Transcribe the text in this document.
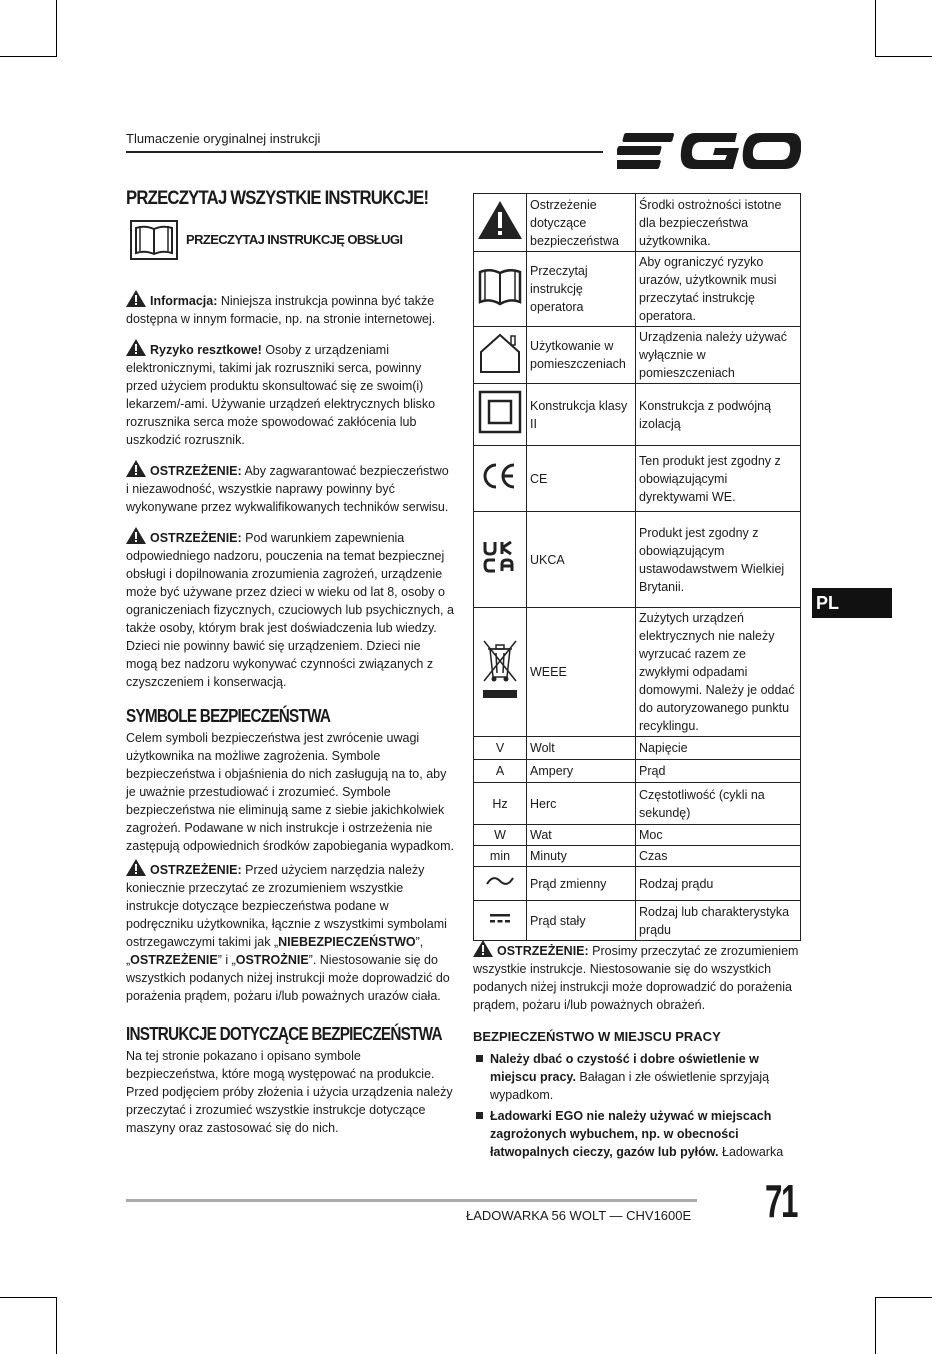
Tlumaczenie oryginalnej instrukcji
PRZECZYTAJ WSZYSTKIE INSTRUKCJE!
PRZECZYTAJ INSTRUKCJĘ OBSŁUGI

Informacja: Niniejsza instrukcja powinna być także dostępna w innym formacie, np. na stronie internetowej.

Ryzyko resztkowe! Osoby z urządzeniami elektronicznymi, takimi jak rozruszniki serca, powinny przed użyciem produktu skonsultować się ze swoim(i) lekarzem/-ami. Używanie urządzeń elektrycznych blisko rozrusznika serca może spowodować zakłócenia lub uszkodzić rozrusznik.

OSTRZEŻENIE: Aby zagwarantować bezpieczeństwo i niezawodność, wszystkie naprawy powinny być wykonywane przez wykwalifikowanych techników serwisu.

OSTRZEŻENIE: Pod warunkiem zapewnienia odpowiedniego nadzoru, pouczenia na temat bezpiecznej obsługi i dopilnowania zrozumienia zagrożeń, urządzenie może być używane przez dzieci w wieku od lat 8, osoby o ograniczeniach fizycznych, czuciowych lub psychicznych, a także osoby, którym brak jest doświadczenia lub wiedzy. Dzieci nie powinny bawić się urządzeniem. Dzieci nie mogą bez nadzoru wykonywać czynności związanych z czyszczeniem i konserwacją.

SYMBOLE BEZPIECZEŃSTWA

Celem symboli bezpieczeństwa jest zwrócenie uwagi użytkownika na możliwe zagrożenia. Symbole bezpieczeństwa i objaśnienia do nich zasługują na to, aby je uważnie przestudiować i zrozumieć. Symbole bezpieczeństwa nie eliminują same z siebie jakichkolwiek zagrożeń. Podawane w nich instrukcje i ostrzeżenia nie zastępują odpowiednich środków zapobiegania wypadkom.

OSTRZEŻENIE: Przed użyciem narzędzia należy koniecznie przeczytać ze zrozumieniem wszystkie instrukcje dotyczące bezpieczeństwa podane w podręczniku użytkownika, łącznie z wszystkimi symbolami ostrzegawczymi takimi jak „NIEBEZPIECZEŃSTWO”, „OSTRZEŻENIE” i „OSTROŻNIE”. Niestosowanie się do wszystkich podanych niżej instrukcji może doprowadzić do porażenia prądem, pożaru i/lub poważnych urazów ciała.

INSTRUKCJE DOTYCZĄCE BEZPIECZEŃSTWA

Na tej stronie pokazano i opisano symbole bezpieczeństwa, które mogą występować na produkcie. Przed podjęciem próby złożenia i użycia urządzenia należy przeczytać i zrozumieć wszystkie instrukcje dotyczące maszyny oraz zastosować się do nich.

	Ostrzeżenie dotyczące bezpieczeństwa	Środki ostrożności istotne dla bezpieczeństwa użytkownika.
	Przeczytaj instrukcję operatora	Aby ograniczyć ryzyko urazów, użytkownik musi przeczytać instrukcję operatora.
	Użytkowanie w pomieszczeniach	Urządzenia należy używać wyłącznie w pomieszczeniach
	Konstrukcja klasy II	Konstrukcja z podwójną izolacją
	CE	Ten produkt jest zgodny z obowiązującymi dyrektywami WE.
	UKCA	Produkt jest zgodny z obowiązującym ustawodawstwem Wielkiej Brytanii.
	WEEE	Zużytych urządzeń elektrycznych nie należy wyrzucać razem ze zwykłymi odpadami domowymi. Należy je oddać do autoryzowanego punktu recyklingu.
V	Wolt	Napięcie
A	Ampery	Prąd
Hz	Herc	Częstotliwość (cykli na sekundę)
W	Wat	Moc
min	Minuty	Czas
	Prąd zmienny	Rodzaj prądu
	Prąd stały	Rodzaj lub charakterystyka prądu
OSTRZEŻENIE: Prosimy przeczytać ze zrozumieniem wszystkie instrukcje. Niestosowanie się do wszystkich podanych niżej instrukcji może doprowadzić do porażenia prądem, pożaru i/lub poważnych obrażeń.
BEZPIECZEŃSTWO W MIEJSCU PRACY
Należy dbać o czystość i dobre oświetlenie w miejscu pracy. Bałagan i złe oświetlenie sprzyjają wypadkom.
Ładowarki EGO nie należy używać w miejscach zagrożonych wybuchem, np. w obecności łatwopalnych cieczy, gazów lub pyłów. Ładowarka
PL
ŁADOWARKA 56 WOLT — CHV1600E 71
